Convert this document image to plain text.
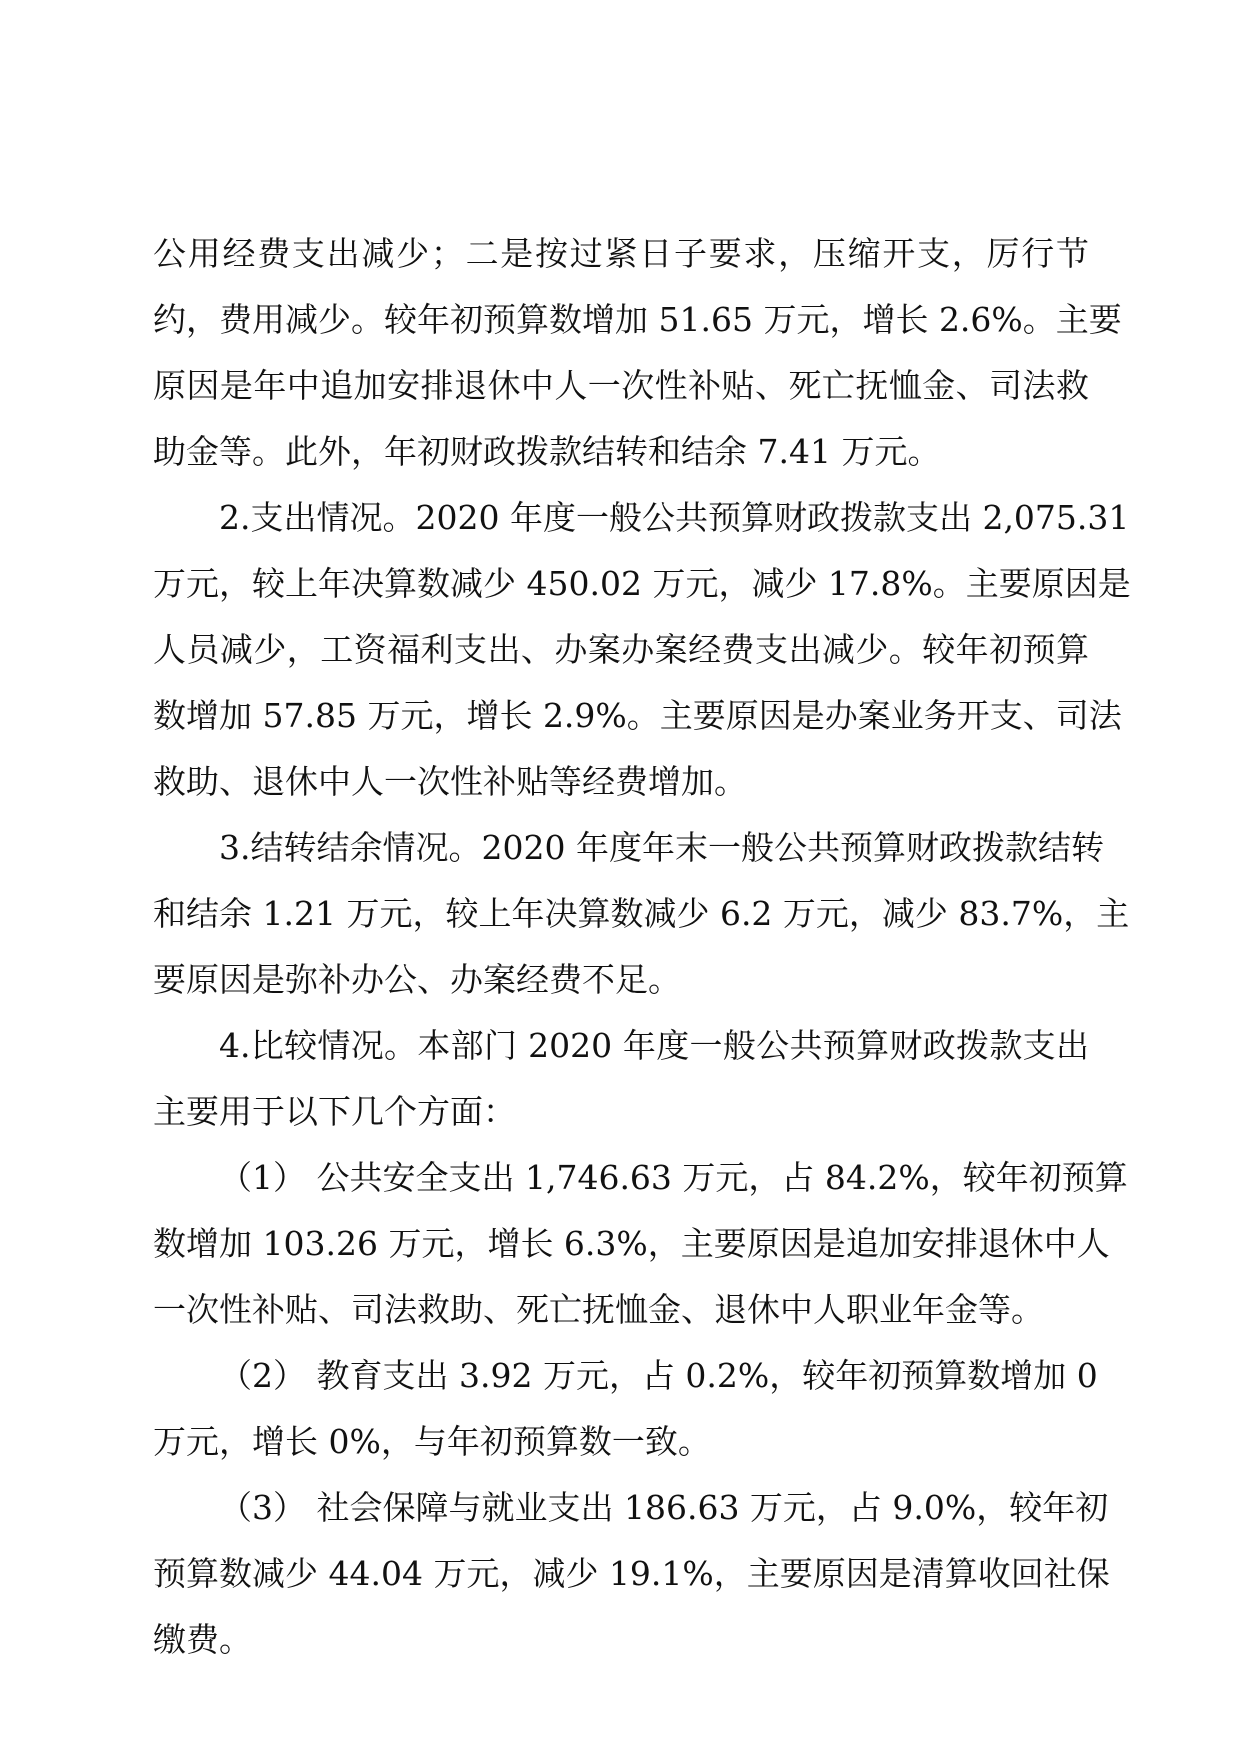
公用经费支出减少；二是按过紧日子要求，压缩开支，厉行节
约，费用减少。较年初预算数增加 51.65 万元，增长 2.6%。主要
原因是年中追加安排退休中人一次性补贴、死亡抚恤金、司法救
助金等。此外，年初财政拨款结转和结余 7.41 万元。
2.支出情况。2020 年度一般公共预算财政拨款支出 2,075.31
万元，较上年决算数减少 450.02 万元，减少 17.8%。主要原因是
人员减少，工资福利支出、办案办案经费支出减少。较年初预算
数增加 57.85 万元，增长 2.9%。主要原因是办案业务开支、司法
救助、退休中人一次性补贴等经费增加。
3.结转结余情况。2020 年度年末一般公共预算财政拨款结转
和结余 1.21 万元，较上年决算数减少 6.2 万元，减少 83.7%，主
要原因是弥补办公、办案经费不足。
4.比较情况。本部门 2020 年度一般公共预算财政拨款支出
主要用于以下几个方面：
（1） 公共安全支出 1,746.63 万元，占 84.2%，较年初预算
数增加 103.26 万元，增长 6.3%，主要原因是追加安排退休中人
一次性补贴、司法救助、死亡抚恤金、退休中人职业年金等。
（2） 教育支出 3.92 万元，占 0.2%，较年初预算数增加 0
万元，增长 0%，与年初预算数一致。
（3） 社会保障与就业支出 186.63 万元，占 9.0%，较年初
预算数减少 44.04 万元，减少 19.1%，主要原因是清算收回社保
缴费。
